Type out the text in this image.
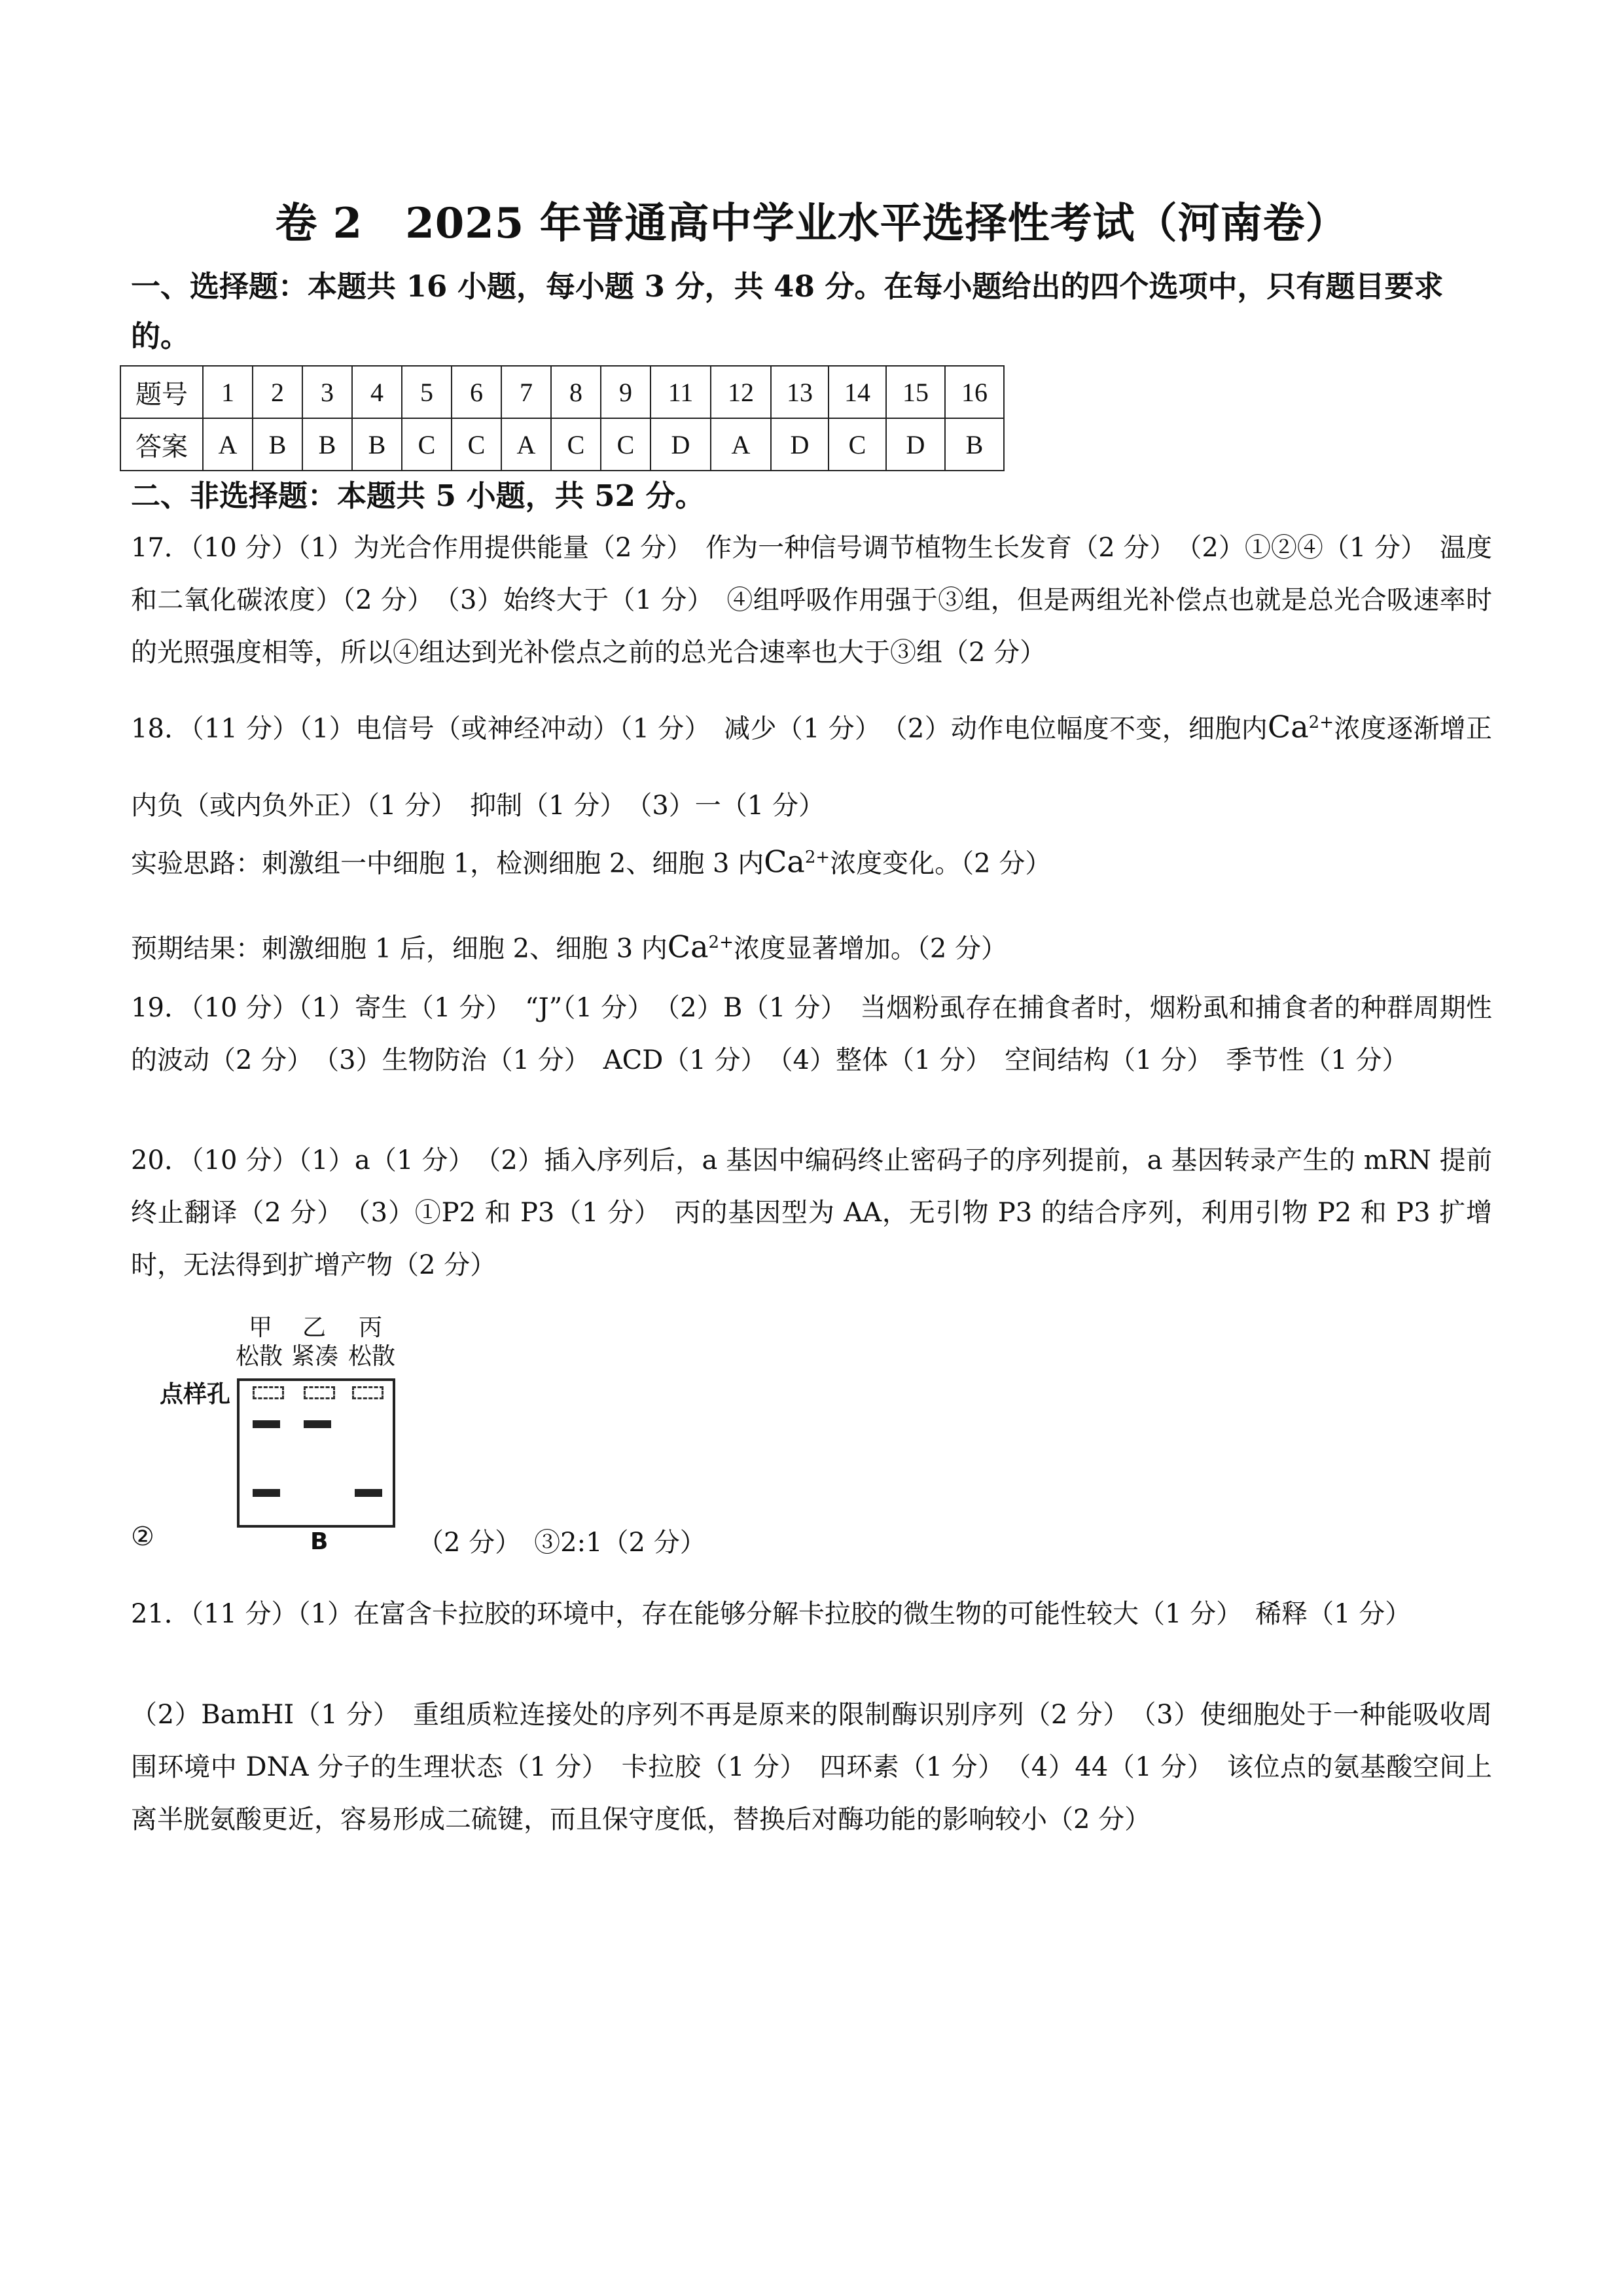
卷 2　2025 年普通高中学业水平选择性考试（河南卷）
一、选择题：本题共 16 小题，每小题 3 分，共 48 分。在每小题给出的四个选项中，只有题目要求的。
题号	1	2	3	4	5	6	7	8	9	11	12	13	14	15	16
答案	A	B	B	B	C	C	A	C	C	D	A	D	C	D	B
二、非选择题：本题共 5 小题，共 52 分。
17．（10 分）（1）为光合作用提供能量（2 分）　作为一种信号调节植物生长发育（2 分）　（2）①②④（1 分）　温度和二氧化碳浓度）（2 分）　（3）始终大于（1 分）　④组呼吸作用强于③组，但是两组光补偿点也就是总光合吸速率时的光照强度相等，所以④组达到光补偿点之前的总光合速率也大于③组（2 分）
18．（11 分）（1）电信号（或神经冲动）（1 分）　减少（1 分）　（2）动作电位幅度不变，细胞内$Ca^{2+}$浓度逐渐增正内负（或内负外正）（1 分）　抑制（1 分）　（3）一（1 分）
实验思路：刺激组一中细胞 1，检测细胞 2、细胞 3 内$Ca^{2+}$浓度变化。（2 分）
预期结果：刺激细胞 1 后，细胞 2、细胞 3 内$Ca^{2+}$浓度显著增加。（2 分）
19．（10 分）（1）寄生（1 分）　“J”（1 分）　（2）B（1 分）　当烟粉虱存在捕食者时，烟粉虱和捕食者的种群周期性的波动（2 分）　（3）生物防治（1 分）　ACD（1 分）　（4）整体（1 分）　空间结构（1 分）　季节性（1 分）
20．（10 分）（1）a（1 分）　（2）插入序列后，a 基因中编码终止密码子的序列提前，a 基因转录产生的 mRN 提前终止翻译（2 分）　（3）①P2 和 P3（1 分）　丙的基因型为 AA，无引物 P3 的结合序列，利用引物 P2 和 P3 扩增时，无法得到扩增产物（2 分）
甲 乙 丙
松散 紧凑 松散
点样孔
B
②	（2 分）　③2:1（2 分）
21．（11 分）（1）在富含卡拉胶的环境中，存在能够分解卡拉胶的微生物的可能性较大（1 分）　稀释（1 分）
（2）BamHI（1 分）　重组质粒连接处的序列不再是原来的限制酶识别序列（2 分）　（3）使细胞处于一种能吸收周围环境中 DNA 分子的生理状态（1 分）　卡拉胶（1 分）　四环素（1 分）　（4）44（1 分）　该位点的氨基酸空间上离半胱氨酸更近，容易形成二硫键，而且保守度低，替换后对酶功能的影响较小（2 分）
